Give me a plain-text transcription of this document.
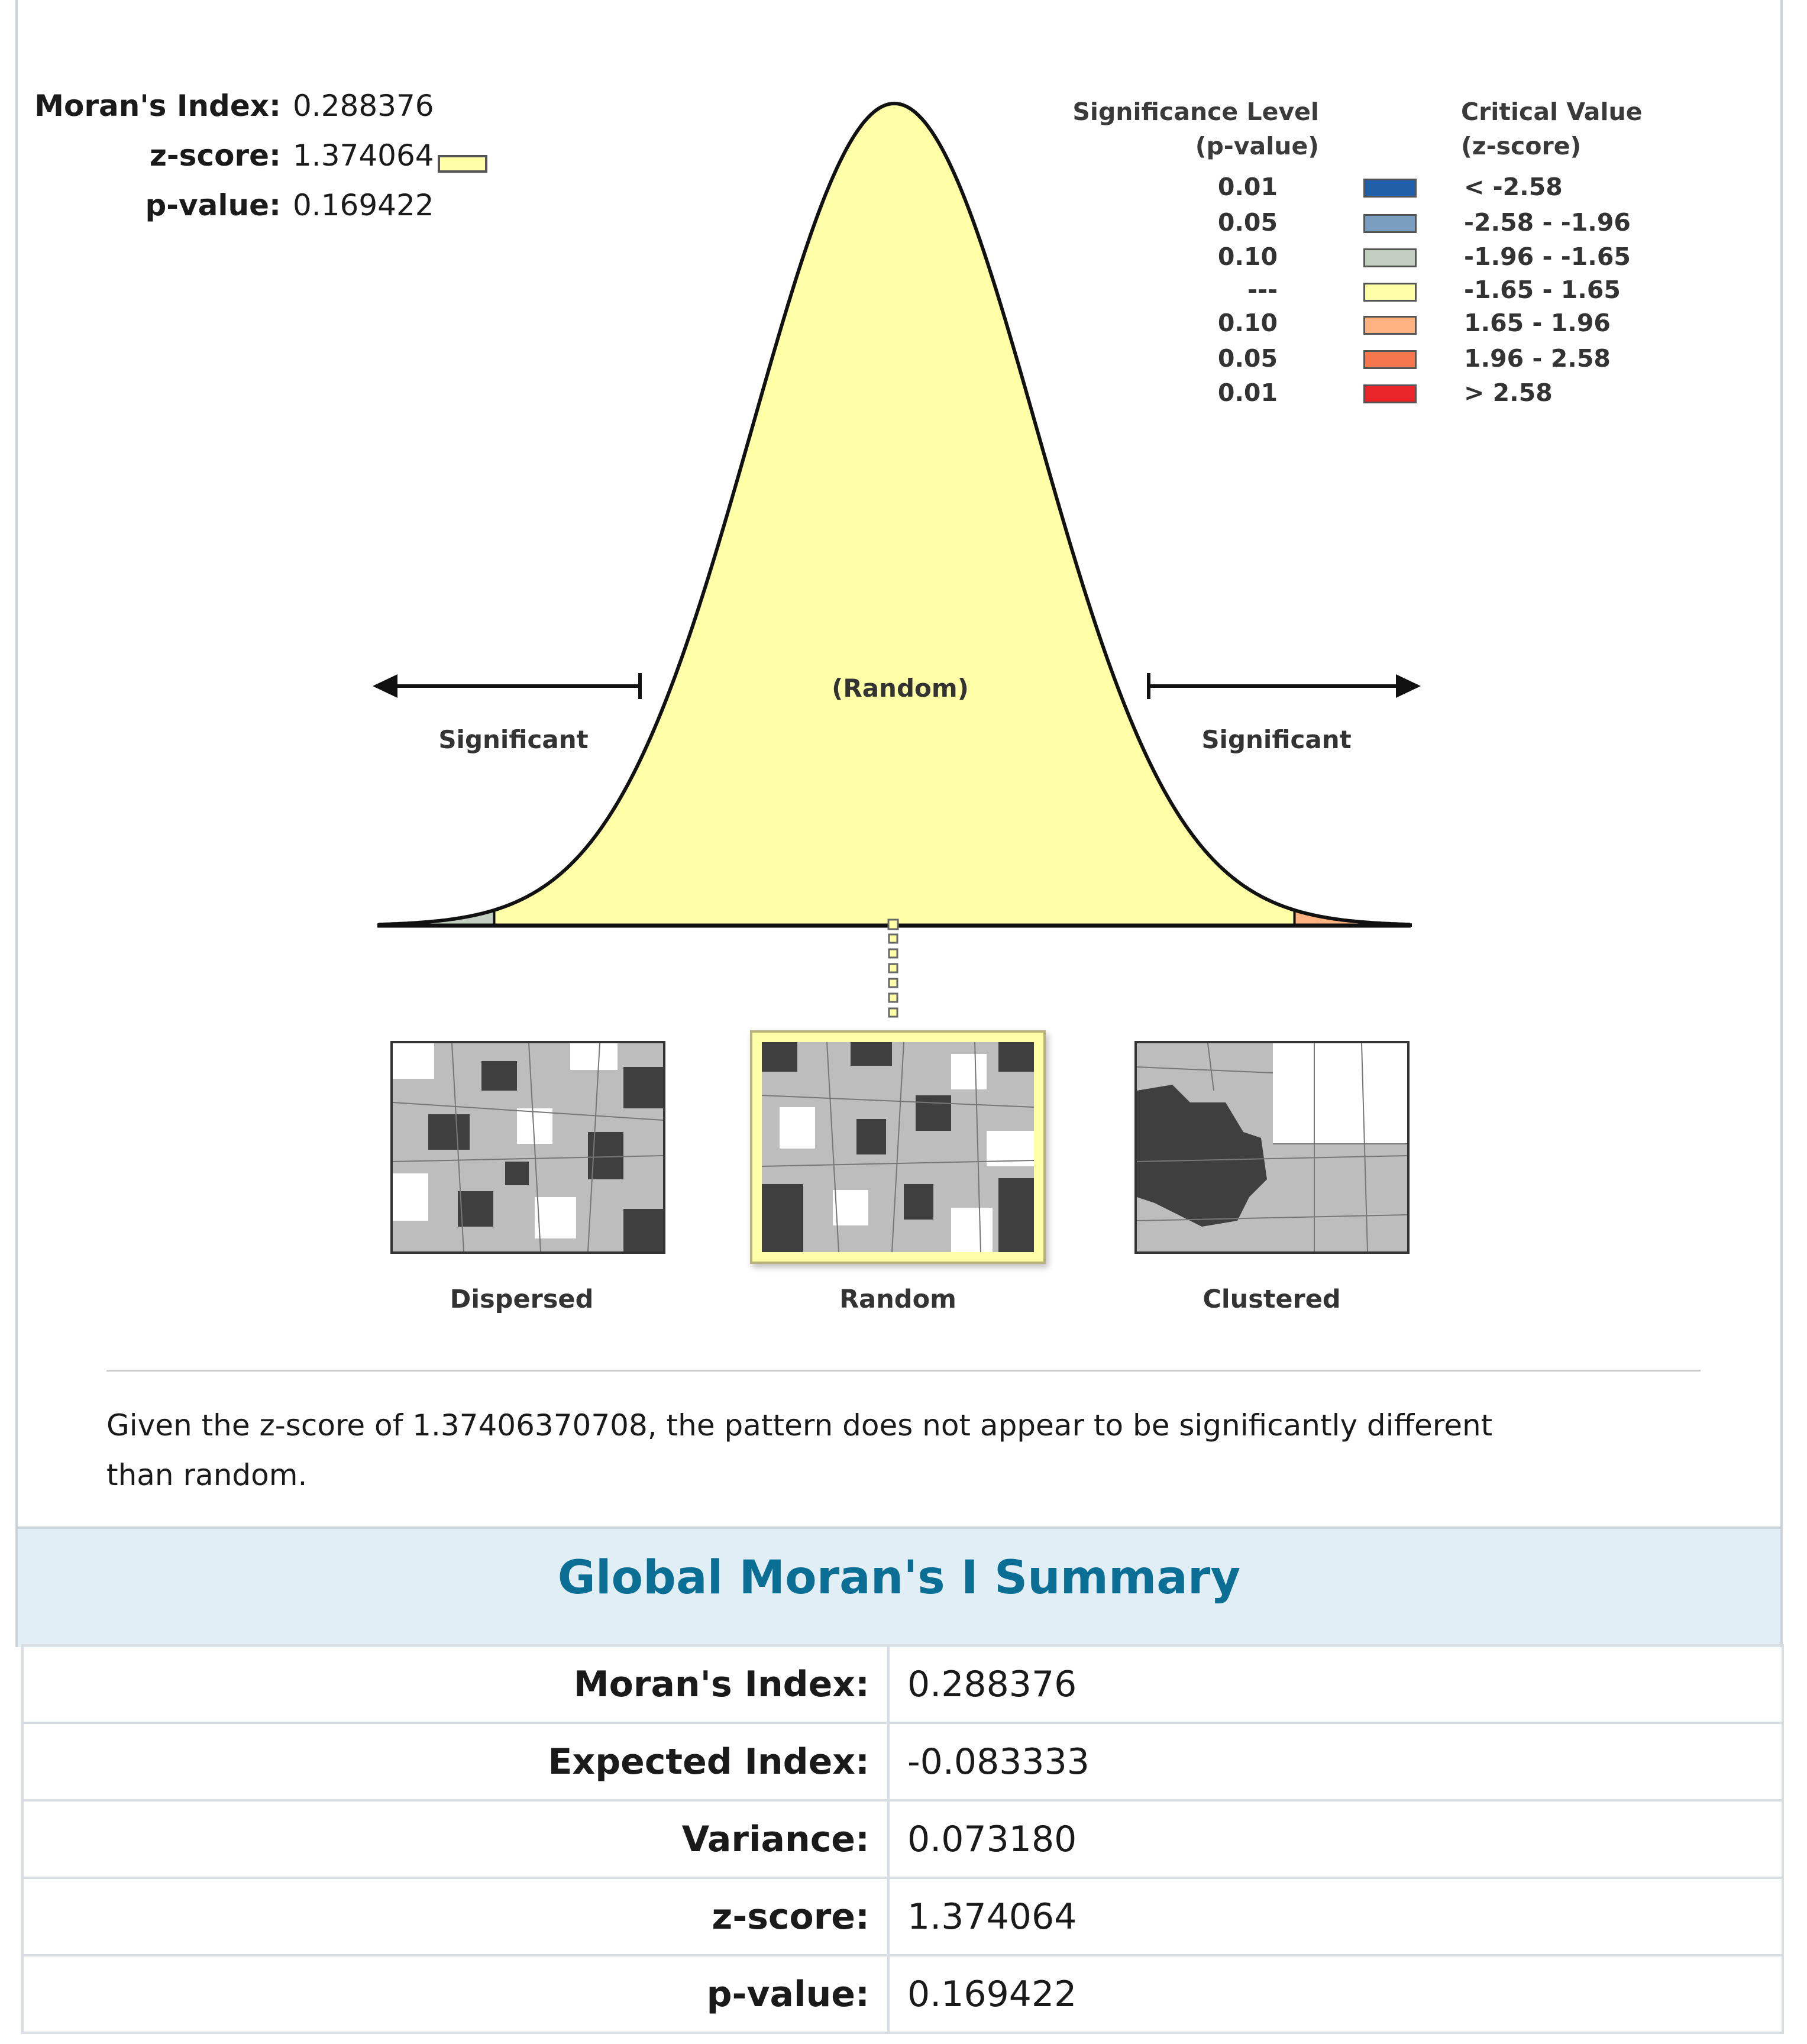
Moran's Index: 0.288376
z-score: 1.374064
p-value: 0.169422
Significance Level
(p-value)
Critical Value
(z-score)
0.01	< -2.58
0.05	-2.58 - -1.96
0.10	-1.96 - -1.65
---	-1.65 - 1.65
0.10	1.65 - 1.96
0.05	1.96 - 2.58
0.01	> 2.58
(Random)
Significant	Significant
Dispersed	Random	Clustered
Given the z-score of 1.37406370708, the pattern does not appear to be significantly different
than random.
Global Moran's I Summary
Moran's Index:	0.288376
Expected Index:	-0.083333
Variance:	0.073180
z-score:	1.374064
p-value:	0.169422
